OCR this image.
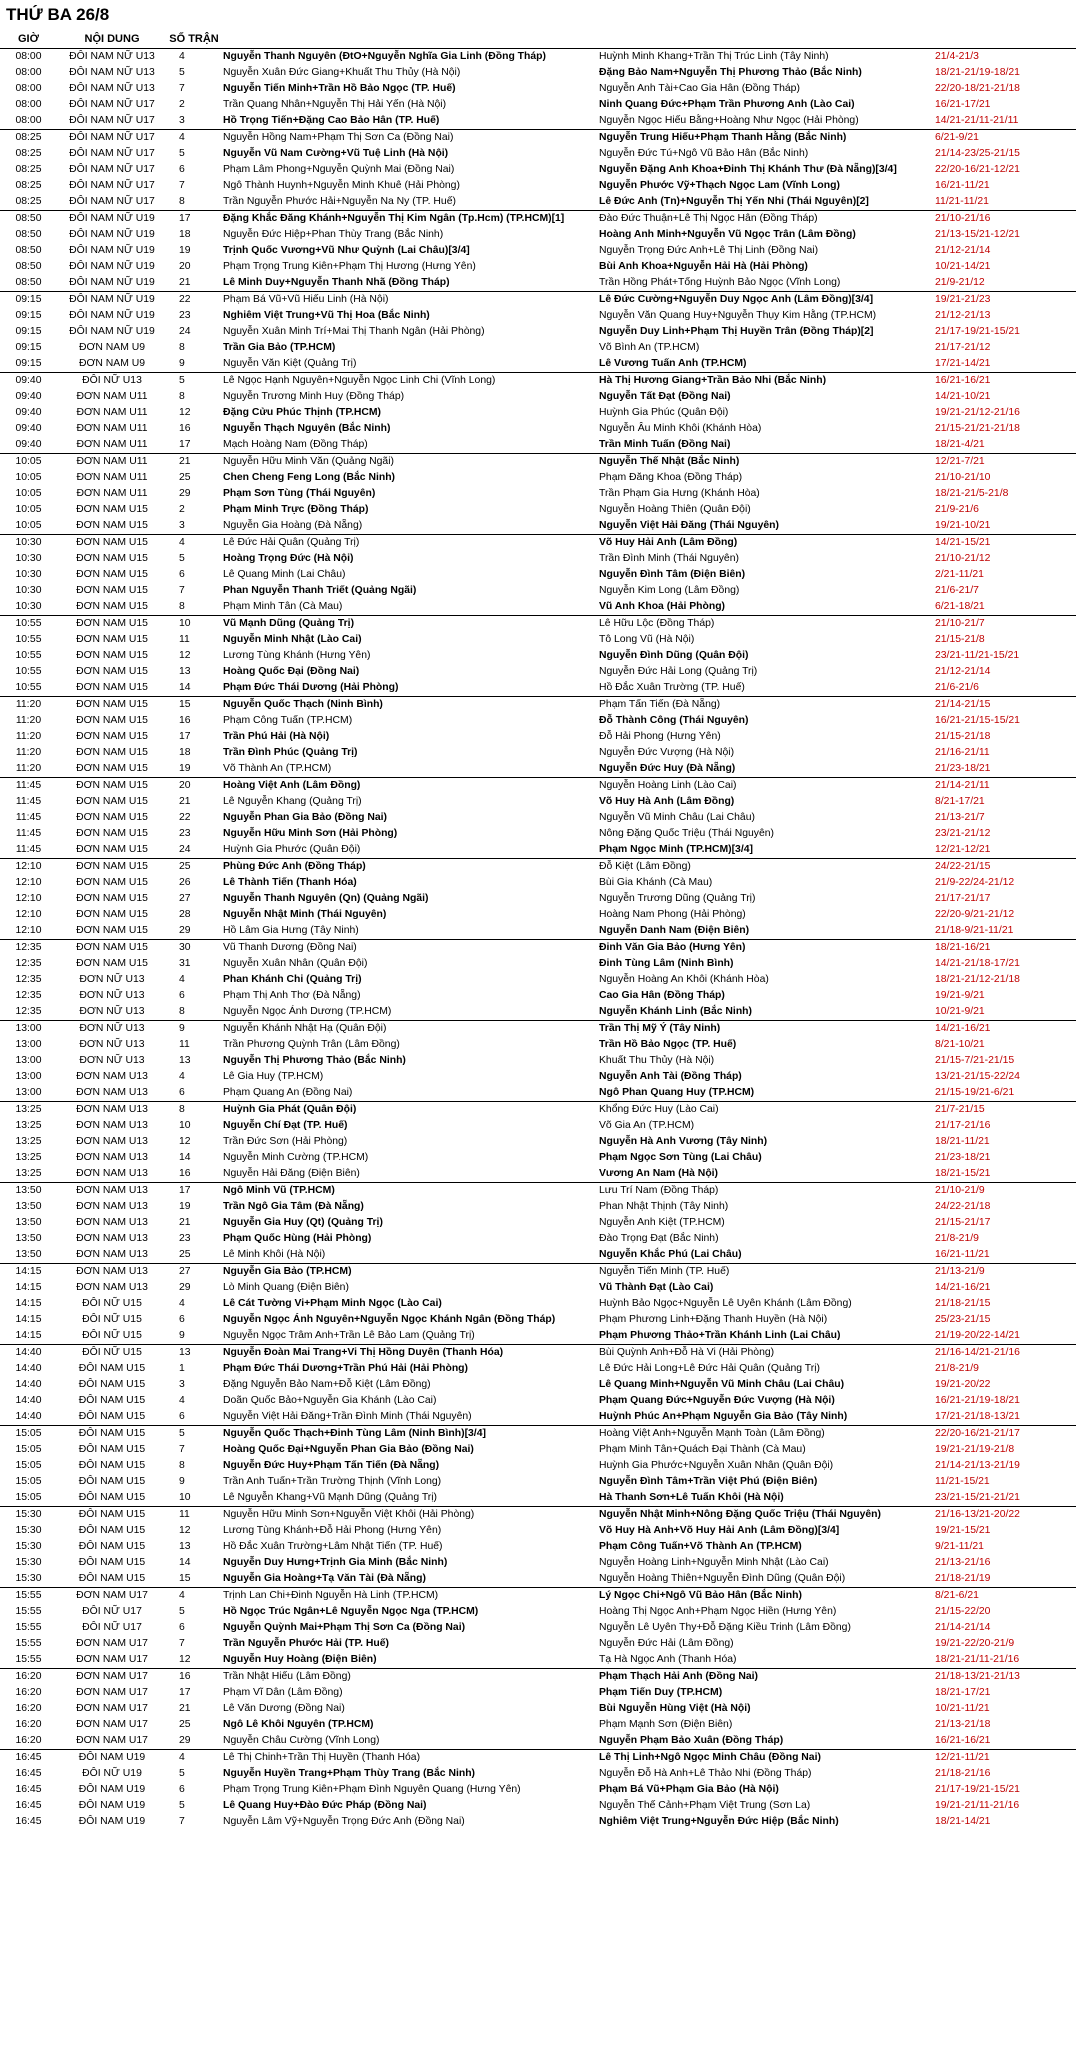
THỨ BA 26/8
GIỜ	NỘI DUNG	SỐ TRẬN			
08:00	ĐÔI NAM NỮ U13	4	Nguyễn Thanh Nguyên (ĐtO+Nguyễn Nghĩa Gia Linh (Đồng Tháp)	Huỳnh Minh Khang+Trần Thị Trúc Linh (Tây Ninh)	21/4-21/3
08:00	ĐÔI NAM NỮ U13	5	Nguyễn Xuân Đức Giang+Khuất Thu Thủy (Hà Nội)	Đặng Bảo Nam+Nguyễn Thị Phương Thảo (Bắc Ninh)	18/21-21/19-18/21
08:00	ĐÔI NAM NỮ U13	7	Nguyễn Tiến Minh+Trần Hồ Bảo Ngọc (TP. Huế)	Nguyễn Anh Tài+Cao Gia Hân (Đồng Tháp)	22/20-18/21-21/18
08:00	ĐÔI NAM NỮ U17	2	Trần Quang Nhân+Nguyễn Thị Hải Yến (Hà Nội)	Ninh Quang Đức+Phạm Trần Phương Anh (Lào Cai)	16/21-17/21
08:00	ĐÔI NAM NỮ U17	3	Hồ Trọng Tiến+Đặng Cao Bảo Hân (TP. Huế)	Nguyễn Ngọc Hiếu Bằng+Hoàng Như Ngọc (Hải Phòng)	14/21-21/11-21/11
08:25	ĐÔI NAM NỮ U17	4	Nguyễn Hồng Nam+Phạm Thị Sơn Ca (Đồng Nai)	Nguyễn Trung Hiếu+Phạm Thanh Hằng (Bắc Ninh)	6/21-9/21
08:25	ĐÔI NAM NỮ U17	5	Nguyễn Vũ Nam Cường+Vũ Tuệ Linh (Hà Nội)	Nguyễn Đức Tú+Ngô Vũ Bảo Hân (Bắc Ninh)	21/14-23/25-21/15
08:25	ĐÔI NAM NỮ U17	6	Phạm Lâm Phong+Nguyễn Quỳnh Mai (Đồng Nai)	Nguyễn Đặng Anh Khoa+Đinh Thị Khánh Thư (Đà Nẵng)[3/4]	22/20-16/21-12/21
08:25	ĐÔI NAM NỮ U17	7	Ngô Thành Huynh+Nguyễn Minh Khuê (Hải Phòng)	Nguyễn Phước Vỹ+Thạch Ngọc Lam (Vĩnh Long)	16/21-11/21
08:25	ĐÔI NAM NỮ U17	8	Trần Nguyễn Phước Hải+Nguyễn Na Ny (TP. Huế)	Lê Đức Anh (Tn)+Nguyễn Thị Yến Nhi (Thái Nguyên)[2]	11/21-11/21
08:50	ĐÔI NAM NỮ U19	17	Đặng Khắc Đăng Khánh+Nguyễn Thị Kim Ngân (Tp.Hcm) (TP.HCM)[1]	Đào Đức Thuận+Lê Thị Ngọc Hân (Đồng Tháp)	21/10-21/16
08:50	ĐÔI NAM NỮ U19	18	Nguyễn Đức Hiệp+Phan Thùy Trang (Bắc Ninh)	Hoàng Anh Minh+Nguyễn Vũ Ngọc Trân (Lâm Đồng)	21/13-15/21-12/21
08:50	ĐÔI NAM NỮ U19	19	Trịnh Quốc Vương+Vũ Như Quỳnh (Lai Châu)[3/4]	Nguyễn Trọng Đức Anh+Lê Thị Linh (Đồng Nai)	21/12-21/14
08:50	ĐÔI NAM NỮ U19	20	Phạm Trọng Trung Kiên+Phạm Thị Hương (Hưng Yên)	Bùi Anh Khoa+Nguyễn Hải Hà (Hải Phòng)	10/21-14/21
08:50	ĐÔI NAM NỮ U19	21	Lê Minh Duy+Nguyễn Thanh Nhã (Đồng Tháp)	Trần Hồng Phát+Tống Huỳnh Bảo Ngọc (Vĩnh Long)	21/9-21/12
09:15	ĐÔI NAM NỮ U19	22	Phạm Bá Vũ+Vũ Hiếu Linh (Hà Nội)	Lê Đức Cường+Nguyễn Duy Ngọc Anh (Lâm Đồng)[3/4]	19/21-21/23
09:15	ĐÔI NAM NỮ U19	23	Nghiêm Việt Trung+Vũ Thị Hoa (Bắc Ninh)	Nguyễn Văn Quang Huy+Nguyễn Thụy Kim Hằng (TP.HCM)	21/12-21/13
09:15	ĐÔI NAM NỮ U19	24	Nguyễn Xuân Minh Trí+Mai Thị Thanh Ngân (Hải Phòng)	Nguyễn Duy Linh+Phạm Thị Huyền Trân (Đồng Tháp)[2]	21/17-19/21-15/21
09:15	ĐƠN NAM U9	8	Trần Gia Bảo (TP.HCM)	Võ Bình An (TP.HCM)	21/17-21/12
09:15	ĐƠN NAM U9	9	Nguyễn Văn Kiệt (Quảng Trị)	Lê Vương Tuấn Anh (TP.HCM)	17/21-14/21
09:40	ĐÔI NỮ U13	5	Lê Ngọc Hạnh Nguyên+Nguyễn Ngọc Linh Chi (Vĩnh Long)	Hà Thị Hương Giang+Trần Bảo Nhi (Bắc Ninh)	16/21-16/21
09:40	ĐƠN NAM U11	8	Nguyễn Trương Minh Huy (Đồng Tháp)	Nguyễn Tất Đạt (Đồng Nai)	14/21-10/21
09:40	ĐƠN NAM U11	12	Đặng Cửu Phúc Thịnh (TP.HCM)	Huỳnh Gia Phúc (Quân Đội)	19/21-21/12-21/16
09:40	ĐƠN NAM U11	16	Nguyễn Thạch Nguyên (Bắc Ninh)	Nguyễn Âu Minh Khôi (Khánh Hòa)	21/15-21/21-21/18
09:40	ĐƠN NAM U11	17	Mạch Hoàng Nam (Đồng Tháp)	Trần Minh Tuấn (Đồng Nai)	18/21-4/21
10:05	ĐƠN NAM U11	21	Nguyễn Hữu Minh Văn (Quảng Ngãi)	Nguyễn Thế Nhật (Bắc Ninh)	12/21-7/21
10:05	ĐƠN NAM U11	25	Chen Cheng Feng Long (Bắc Ninh)	Phạm Đăng Khoa (Đồng Tháp)	21/10-21/10
10:05	ĐƠN NAM U11	29	Phạm Sơn Tùng (Thái Nguyên)	Trần Phạm Gia Hưng (Khánh Hòa)	18/21-21/5-21/8
10:05	ĐƠN NAM U15	2	Phạm Minh Trực (Đồng Tháp)	Nguyễn Hoàng Thiên (Quân Đội)	21/9-21/6
10:05	ĐƠN NAM U15	3	Nguyễn Gia Hoàng (Đà Nẵng)	Nguyễn Việt Hải Đăng (Thái Nguyên)	19/21-10/21
10:30	ĐƠN NAM U15	4	Lê Đức Hải Quân (Quảng Trị)	Võ Huy Hải Anh (Lâm Đồng)	14/21-15/21
10:30	ĐƠN NAM U15	5	Hoàng Trọng Đức (Hà Nội)	Trần Đình Minh (Thái Nguyên)	21/10-21/12
10:30	ĐƠN NAM U15	6	Lê Quang Minh (Lai Châu)	Nguyễn Đình Tâm (Điện Biên)	2/21-11/21
10:30	ĐƠN NAM U15	7	Phan Nguyễn Thanh Triết (Quảng Ngãi)	Nguyễn Kim Long (Lâm Đồng)	21/6-21/7
10:30	ĐƠN NAM U15	8	Phạm Minh Tân (Cà Mau)	Vũ Anh Khoa (Hải Phòng)	6/21-18/21
10:55	ĐƠN NAM U15	10	Vũ Mạnh Dũng (Quảng Trị)	Lê Hữu Lộc (Đồng Tháp)	21/10-21/7
10:55	ĐƠN NAM U15	11	Nguyễn Minh Nhật (Lào Cai)	Tô Long Vũ (Hà Nội)	21/15-21/8
10:55	ĐƠN NAM U15	12	Lương Tùng Khánh (Hưng Yên)	Nguyễn Đình Dũng (Quân Đội)	23/21-11/21-15/21
10:55	ĐƠN NAM U15	13	Hoàng Quốc Đại (Đồng Nai)	Nguyễn Đức Hải Long (Quảng Trị)	21/12-21/14
10:55	ĐƠN NAM U15	14	Phạm Đức Thái Dương (Hải Phòng)	Hồ Đắc Xuân Trường (TP. Huế)	21/6-21/6
11:20	ĐƠN NAM U15	15	Nguyễn Quốc Thạch (Ninh Bình)	Phạm Tấn Tiến (Đà Nẵng)	21/14-21/15
11:20	ĐƠN NAM U15	16	Phạm Công Tuấn (TP.HCM)	Đỗ Thành Công (Thái Nguyên)	16/21-21/15-15/21
11:20	ĐƠN NAM U15	17	Trần Phú Hải (Hà Nội)	Đỗ Hải Phong (Hưng Yên)	21/15-21/18
11:20	ĐƠN NAM U15	18	Trần Đình Phúc (Quảng Trị)	Nguyễn Đức Vượng (Hà Nội)	21/16-21/11
11:20	ĐƠN NAM U15	19	Võ Thành An (TP.HCM)	Nguyễn Đức Huy (Đà Nẵng)	21/23-18/21
11:45	ĐƠN NAM U15	20	Hoàng Việt Anh (Lâm Đồng)	Nguyễn Hoàng Linh (Lào Cai)	21/14-21/11
11:45	ĐƠN NAM U15	21	Lê Nguyễn Khang (Quảng Trị)	Võ Huy Hà Anh (Lâm Đồng)	8/21-17/21
11:45	ĐƠN NAM U15	22	Nguyễn Phan Gia Bảo (Đồng Nai)	Nguyễn Vũ Minh Châu (Lai Châu)	21/13-21/7
11:45	ĐƠN NAM U15	23	Nguyễn Hữu Minh Sơn (Hải Phòng)	Nông Đặng Quốc Triệu (Thái Nguyên)	23/21-21/12
11:45	ĐƠN NAM U15	24	Huỳnh Gia Phước (Quân Đội)	Phạm Ngọc Minh (TP.HCM)[3/4]	12/21-12/21
12:10	ĐƠN NAM U15	25	Phùng Đức Anh (Đồng Tháp)	Đỗ Kiệt (Lâm Đồng)	24/22-21/15
12:10	ĐƠN NAM U15	26	Lê Thành Tiến (Thanh Hóa)	Bùi Gia Khánh (Cà Mau)	21/9-22/24-21/12
12:10	ĐƠN NAM U15	27	Nguyễn Thanh Nguyên (Qn) (Quảng Ngãi)	Nguyễn Trương Dũng (Quảng Trị)	21/17-21/17
12:10	ĐƠN NAM U15	28	Nguyễn Nhật Minh (Thái Nguyên)	Hoàng Nam Phong (Hải Phòng)	22/20-9/21-21/12
12:10	ĐƠN NAM U15	29	Hồ Lâm Gia Hưng (Tây Ninh)	Nguyễn Danh Nam (Điện Biên)	21/18-9/21-11/21
12:35	ĐƠN NAM U15	30	Vũ Thanh Dương (Đồng Nai)	Đinh Văn Gia Bảo (Hưng Yên)	18/21-16/21
12:35	ĐƠN NAM U15	31	Nguyễn Xuân Nhân (Quân Đội)	Đinh Tùng Lâm (Ninh Bình)	14/21-21/18-17/21
12:35	ĐƠN NỮ U13	4	Phan Khánh Chi (Quảng Trị)	Nguyễn Hoàng An Khôi (Khánh Hòa)	18/21-21/12-21/18
12:35	ĐƠN NỮ U13	6	Phạm Thị Anh Thơ (Đà Nẵng)	Cao Gia Hân (Đồng Tháp)	19/21-9/21
12:35	ĐƠN NỮ U13	8	Nguyễn Ngọc Ánh Dương (TP.HCM)	Nguyễn Khánh Linh (Bắc Ninh)	10/21-9/21
13:00	ĐƠN NỮ U13	9	Nguyễn Khánh Nhật Hạ (Quân Đội)	Trần Thị Mỹ Ý (Tây Ninh)	14/21-16/21
13:00	ĐƠN NỮ U13	11	Trần Phương Quỳnh Trân (Lâm Đồng)	Trần Hồ Bảo Ngọc (TP. Huế)	8/21-10/21
13:00	ĐƠN NỮ U13	13	Nguyễn Thị Phương Thảo (Bắc Ninh)	Khuất Thu Thủy (Hà Nội)	21/15-7/21-21/15
13:00	ĐƠN NAM U13	4	Lê Gia Huy (TP.HCM)	Nguyễn Anh Tài (Đồng Tháp)	13/21-21/15-22/24
13:00	ĐƠN NAM U13	6	Phạm Quang An (Đồng Nai)	Ngô Phan Quang Huy (TP.HCM)	21/15-19/21-6/21
13:25	ĐƠN NAM U13	8	Huỳnh Gia Phát (Quân Đội)	Khổng Đức Huy (Lào Cai)	21/7-21/15
13:25	ĐƠN NAM U13	10	Nguyễn Chí Đạt (TP. Huế)	Võ Gia An (TP.HCM)	21/17-21/16
13:25	ĐƠN NAM U13	12	Trần Đức Sơn (Hải Phòng)	Nguyễn Hà Anh Vương (Tây Ninh)	18/21-11/21
13:25	ĐƠN NAM U13	14	Nguyễn Minh Cường (TP.HCM)	Phạm Ngọc Sơn Tùng (Lai Châu)	21/23-18/21
13:25	ĐƠN NAM U13	16	Nguyễn Hải Đăng (Điện Biên)	Vương An Nam (Hà Nội)	18/21-15/21
13:50	ĐƠN NAM U13	17	Ngô Minh Vũ (TP.HCM)	Lưu Trí Nam (Đồng Tháp)	21/10-21/9
13:50	ĐƠN NAM U13	19	Trần Ngô Gia Tâm (Đà Nẵng)	Phan Nhật Thịnh (Tây Ninh)	24/22-21/18
13:50	ĐƠN NAM U13	21	Nguyễn Gia Huy (Qt) (Quảng Trị)	Nguyễn Anh Kiệt (TP.HCM)	21/15-21/17
13:50	ĐƠN NAM U13	23	Phạm Quốc Hùng (Hải Phòng)	Đào Trọng Đạt (Bắc Ninh)	21/8-21/9
13:50	ĐƠN NAM U13	25	Lê Minh Khôi (Hà Nội)	Nguyễn Khắc Phú (Lai Châu)	16/21-11/21
14:15	ĐƠN NAM U13	27	Nguyễn Gia Bảo (TP.HCM)	Nguyễn Tiến Minh (TP. Huế)	21/13-21/9
14:15	ĐƠN NAM U13	29	Lò Minh Quang (Điện Biên)	Vũ Thành Đạt (Lào Cai)	14/21-16/21
14:15	ĐÔI NỮ U15	4	Lê Cát Tường Vi+Phạm Minh Ngọc (Lào Cai)	Huỳnh Bảo Ngọc+Nguyễn Lê Uyên Khánh (Lâm Đồng)	21/18-21/15
14:15	ĐÔI NỮ U15	6	Nguyễn Ngọc Ánh Nguyên+Nguyễn Ngọc Khánh Ngân (Đồng Tháp)	Phạm Phương Linh+Đặng Thanh Huyền (Hà Nội)	25/23-21/15
14:15	ĐÔI NỮ U15	9	Nguyễn Ngọc Trâm Anh+Trần Lê Bảo Lam (Quảng Trị)	Phạm Phương Thảo+Trần Khánh Linh (Lai Châu)	21/19-20/22-14/21
14:40	ĐÔI NỮ U15	13	Nguyễn Đoàn Mai Trang+Vi Thị Hồng Duyên (Thanh Hóa)	Bùi Quỳnh Anh+Đỗ Hà Vi (Hải Phòng)	21/16-14/21-21/16
14:40	ĐÔI NAM U15	1	Phạm Đức Thái Dương+Trần Phú Hải (Hải Phòng)	Lê Đức Hải Long+Lê Đức Hải Quân (Quảng Trị)	21/8-21/9
14:40	ĐÔI NAM U15	3	Đặng Nguyễn Bảo Nam+Đỗ Kiệt (Lâm Đồng)	Lê Quang Minh+Nguyễn Vũ Minh Châu (Lai Châu)	19/21-20/22
14:40	ĐÔI NAM U15	4	Doãn Quốc Bảo+Nguyễn Gia Khánh (Lào Cai)	Phạm Quang Đức+Nguyễn Đức Vượng (Hà Nội)	16/21-21/19-18/21
14:40	ĐÔI NAM U15	6	Nguyễn Việt Hải Đăng+Trần Đình Minh (Thái Nguyên)	Huỳnh Phúc An+Phạm Nguyễn Gia Bảo (Tây Ninh)	17/21-21/18-13/21
15:05	ĐÔI NAM U15	5	Nguyễn Quốc Thạch+Đinh Tùng Lâm (Ninh Bình)[3/4]	Hoàng Việt Anh+Nguyễn Mạnh Toàn (Lâm Đồng)	22/20-16/21-21/17
15:05	ĐÔI NAM U15	7	Hoàng Quốc Đại+Nguyễn Phan Gia Bảo (Đồng Nai)	Phạm Minh Tân+Quách Đại Thành (Cà Mau)	19/21-21/19-21/8
15:05	ĐÔI NAM U15	8	Nguyễn Đức Huy+Phạm Tấn Tiến (Đà Nẵng)	Huỳnh Gia Phước+Nguyễn Xuân Nhân (Quân Đội)	21/14-21/13-21/19
15:05	ĐÔI NAM U15	9	Trần Anh Tuấn+Trần Trường Thịnh (Vĩnh Long)	Nguyễn Đình Tâm+Trần Việt Phú (Điện Biên)	11/21-15/21
15:05	ĐÔI NAM U15	10	Lê Nguyễn Khang+Vũ Mạnh Dũng (Quảng Trị)	Hà Thanh Sơn+Lê Tuấn Khôi (Hà Nội)	23/21-15/21-21/21
15:30	ĐÔI NAM U15	11	Nguyễn Hữu Minh Sơn+Nguyễn Việt Khôi (Hải Phòng)	Nguyễn Nhật Minh+Nông Đặng Quốc Triệu (Thái Nguyên)	21/16-13/21-20/22
15:30	ĐÔI NAM U15	12	Lương Tùng Khánh+Đỗ Hải Phong (Hưng Yên)	Võ Huy Hà Anh+Võ Huy Hải Anh (Lâm Đồng)[3/4]	19/21-15/21
15:30	ĐÔI NAM U15	13	Hồ Đắc Xuân Trường+Lâm Nhật Tiến (TP. Huế)	Phạm Công Tuấn+Võ Thành An (TP.HCM)	9/21-11/21
15:30	ĐÔI NAM U15	14	Nguyễn Duy Hưng+Trịnh Gia Minh (Bắc Ninh)	Nguyễn Hoàng Linh+Nguyễn Minh Nhật (Lào Cai)	21/13-21/16
15:30	ĐÔI NAM U15	15	Nguyễn Gia Hoàng+Tạ Văn Tài (Đà Nẵng)	Nguyễn Hoàng Thiên+Nguyễn Đình Dũng (Quân Đội)	21/18-21/19
15:55	ĐƠN NAM U17	4	Trịnh Lan Chi+Đinh Nguyễn Hà Linh (TP.HCM)	Lý Ngọc Chi+Ngô Vũ Bảo Hân (Bắc Ninh)	8/21-6/21
15:55	ĐÔI NỮ U17	5	Hồ Ngọc Trúc Ngân+Lê Nguyễn Ngọc Nga (TP.HCM)	Hoàng Thị Ngọc Anh+Phạm Ngọc Hiền (Hưng Yên)	21/15-22/20
15:55	ĐÔI NỮ U17	6	Nguyễn Quỳnh Mai+Phạm Thị Sơn Ca (Đồng Nai)	Nguyễn Lê Uyên Thy+Đỗ Đặng Kiều Trinh (Lâm Đồng)	21/14-21/14
15:55	ĐƠN NAM U17	7	Trần Nguyễn Phước Hải (TP. Huế)	Nguyễn Đức Hải (Lâm Đồng)	19/21-22/20-21/9
15:55	ĐƠN NAM U17	12	Nguyễn Huy Hoàng (Điện Biên)	Tạ Hà Ngọc Anh (Thanh Hóa)	18/21-21/11-21/16
16:20	ĐƠN NAM U17	16	Trần Nhật Hiếu (Lâm Đồng)	Phạm Thạch Hải Anh (Đồng Nai)	21/18-13/21-21/13
16:20	ĐƠN NAM U17	17	Phạm Vĩ Dân (Lâm Đồng)	Phạm Tiến Duy (TP.HCM)	18/21-17/21
16:20	ĐƠN NAM U17	21	Lê Văn Dương (Đồng Nai)	Bùi Nguyễn Hùng Việt (Hà Nội)	10/21-11/21
16:20	ĐƠN NAM U17	25	Ngô Lê Khôi Nguyên (TP.HCM)	Phạm Mạnh Sơn (Điện Biên)	21/13-21/18
16:20	ĐƠN NAM U17	29	Nguyễn Châu Cường (Vĩnh Long)	Nguyễn Phạm Bảo Xuân (Đồng Tháp)	16/21-16/21
16:45	ĐÔI NAM U19	4	Lê Thị Chinh+Trần Thị Huyền (Thanh Hóa)	Lê Thị Linh+Ngô Ngọc Minh Châu (Đồng Nai)	12/21-11/21
16:45	ĐÔI NỮ U19	5	Nguyễn Huyền Trang+Phạm Thùy Trang (Bắc Ninh)	Nguyễn Đỗ Hà Anh+Lê Thảo Nhi (Đồng Tháp)	21/18-21/16
16:45	ĐÔI NAM U19	6	Phạm Trọng Trung Kiên+Phạm Đình Nguyên Quang (Hưng Yên)	Phạm Bá Vũ+Phạm Gia Bảo (Hà Nội)	21/17-19/21-15/21
16:45	ĐÔI NAM U19	5	Lê Quang Huy+Đào Đức Pháp (Đồng Nai)	Nguyễn Thế Cảnh+Phạm Việt Trung (Sơn La)	19/21-21/11-21/16
16:45	ĐÔI NAM U19	7	Nguyễn Lâm Vỹ+Nguyễn Trọng Đức Anh (Đồng Nai)	Nghiêm Việt Trung+Nguyễn Đức Hiệp (Bắc Ninh)	18/21-14/21
